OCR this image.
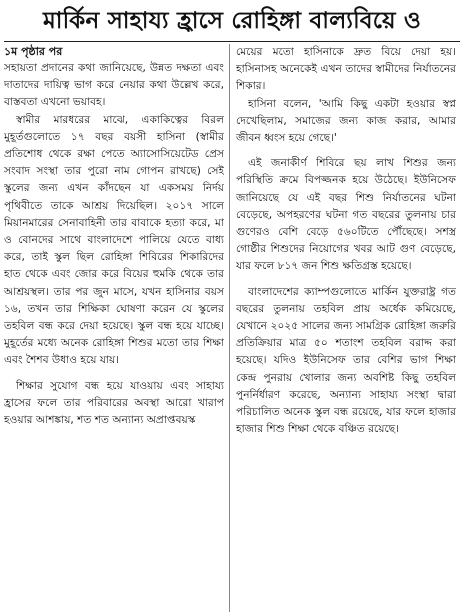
মার্কিন সাহায্য হ্রাসে রোহিঙ্গা বাল্যবিয়ে ও
১ম পৃষ্ঠার পর

সহায়তা প্রদানের কথা জানিয়েছে, উন্নত দক্ষতা এবং দাতাদের দায়িত্ব ভাগ করে নেয়ার কথা উল্লেখ করে, বাস্তবতা এখনো ভয়াবহ।

স্বামীর মারধরের মাঝে, একাকিত্বের বিরল মুহূর্তগুলোতে ১৭ বছর বয়সী হাসিনা (স্বামীর প্রতিশোধ থেকে রক্ষা পেতে অ্যাসোসিয়েটেড প্রেস সংবাদ সংস্থা তার পুরো নাম গোপন রাখছে) সেই স্কুলের জন্য এখন কাঁদছেন যা একসময় নির্দয় পৃথিবীতে তাকে আশ্রয় দিয়েছিল। ২০১৭ সালে মিয়ানমারের সেনাবাহিনী তার বাবাকে হত্যা করে, মা ও বোনদের সাথে বাংলাদেশে পালিয়ে যেতে বাধ্য করে, তাই স্কুল ছিল রোহিঙ্গা শিবিরের শিকারিদের হাত থেকে এবং জোর করে বিয়ের হুমকি থেকে তার আশ্রয়স্থল। তার পর জুন মাসে, যখন হাসিনার বয়স ১৬, তখন তার শিক্ষিকা ঘোষণা করেন যে স্কুলের তহবিল বন্ধ করে দেয়া হয়েছে। স্কুল বন্ধ হয়ে যাচ্ছে। মুহূর্তের মধ্যে অনেক রোহিঙ্গা শিশুর মতো তার শিক্ষা এবং শৈশব উধাও হয়ে যায়।

শিক্ষার সুযোগ বন্ধ হয়ে যাওয়ায় এবং সাহায্য হ্রাসের ফলে তার পরিবারের অবস্থা আরো খারাপ হওয়ার আশঙ্কায়, শত শত অন্যান্য অপ্রাপ্তবয়স্ক

মেয়ের মতো হাসিনাকে দ্রুত বিয়ে দেয়া হয়। হাসিনাসহ অনেকেই এখন তাদের স্বামীদের নির্যাতনের শিকার।

হাসিনা বলেন, 'আমি কিছু একটা হওয়ার স্বপ্ন দেখেছিলাম, সমাজের জন্য কাজ করার, আমার জীবন ধ্বংস হয়ে গেছে।'

এই জনাকীর্ণ শিবিরে ছয় লাখ শিশুর জন্য পরিস্থিতি ক্রমে বিপজ্জনক হয়ে উঠেছে। ইউনিসেফ জানিয়েছে যে এই বছর শিশু নির্যাতনের ঘটনা বেড়েছে, অপহরণের ঘটনা গত বছরের তুলনায় চার গুণেরও বেশি বেড়ে ৫৬০টিতে পৌঁছেছে। সশস্ত্র গোষ্ঠীর শিশুদের নিয়োগের খবর আট গুণ বেড়েছে, যার ফলে ৮১৭ জন শিশু ক্ষতিগ্রস্ত হয়েছে।

বাংলাদেশের ক্যাম্পগুলোতে মার্কিন যুক্তরাষ্ট্র গত বছরের তুলনায় তহবিল প্রায় অর্ধেক কমিয়েছে, যেখানে ২০২৫ সালের জন্য সামগ্রিক রোহিঙ্গা জরুরি প্রতিক্রিয়ার মাত্র ৫০ শতাংশ তহবিল বরাদ্দ করা হয়েছে। যদিও ইউনিসেফ তার বেশির ভাগ শিক্ষা কেন্দ্র পুনরায় খোলার জন্য অবশিষ্ট কিছু তহবিল পুনর্নির্ধারণ করেছে, অন্যান্য সাহায্য সংস্থা দ্বারা পরিচালিত অনেক স্কুল বন্ধ রয়েছে, যার ফলে হাজার হাজার শিশু শিক্ষা থেকে বঞ্চিত রয়েছে।
